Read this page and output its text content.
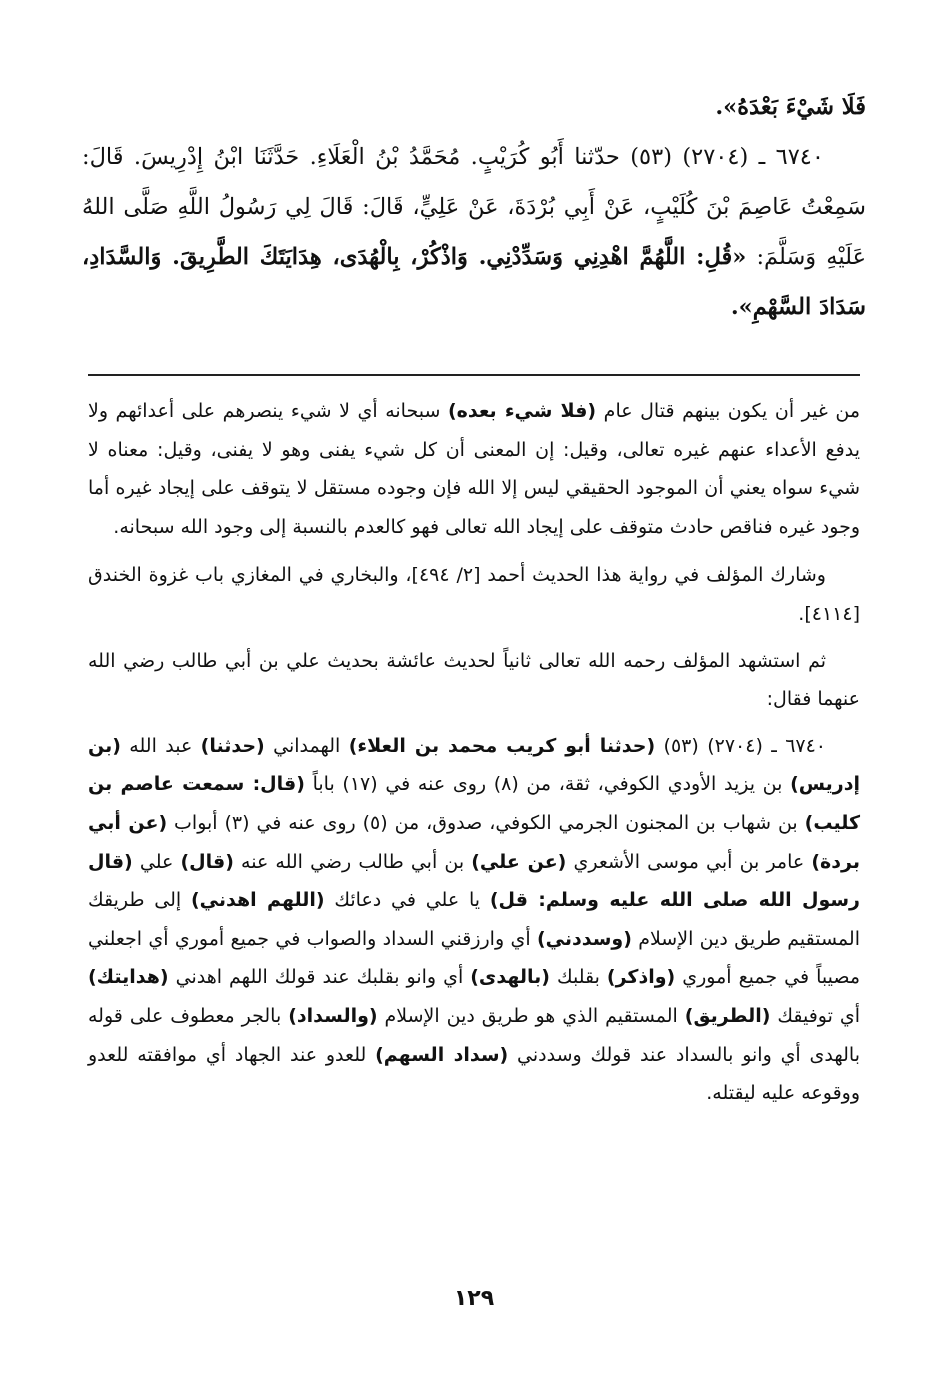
فَلَا شَيْءَ بَعْدَهُ».

٦٧٤٠ ـ (٢٧٠٤) (٥٣) حدّثنا أَبُو كُرَيْبٍ. مُحَمَّدُ بْنُ الْعَلَاءِ. حَدَّثَنَا ابْنُ إِدْرِيسَ. قَالَ: سَمِعْتُ عَاصِمَ بْنَ كُلَيْبٍ، عَنْ أَبِي بُرْدَةَ، عَنْ عَلِيٍّ، قَالَ: قَالَ لِي رَسُولُ اللَّهِ صَلَّى اللهُ عَلَيْهِ وَسَلَّمَ: «قُلِ: اللَّهُمَّ اهْدِنِي وَسَدِّدْنِي. وَاذْكُرْ، بِالْهُدَى، هِدَايَتَكَ الطَّرِيقَ. وَالسَّدَادِ، سَدَادَ السَّهْمِ».

من غير أن يكون بينهم قتال عام (فلا شيء بعده) سبحانه أي لا شيء ينصرهم على أعدائهم ولا يدفع الأعداء عنهم غيره تعالى، وقيل: إن المعنى أن كل شيء يفنى وهو لا يفنى، وقيل: معناه لا شيء سواه يعني أن الموجود الحقيقي ليس إلا الله فإن وجوده مستقل لا يتوقف على إيجاد غيره أما وجود غيره فناقص حادث متوقف على إيجاد الله تعالى فهو كالعدم بالنسبة إلى وجود الله سبحانه.

وشارك المؤلف في رواية هذا الحديث أحمد [٢/ ٤٩٤]، والبخاري في المغازي باب غزوة الخندق [٤١١٤].

ثم استشهد المؤلف رحمه الله تعالى ثانياً لحديث عائشة بحديث علي بن أبي طالب رضي الله عنهما فقال:

٦٧٤٠ ـ (٢٧٠٤) (٥٣) (حدثنا أبو كريب محمد بن العلاء) الهمداني (حدثنا) عبد الله (بن إدريس) بن يزيد الأودي الكوفي، ثقة، من (٨) روى عنه في (١٧) باباً (قال: سمعت عاصم بن كليب) بن شهاب بن المجنون الجرمي الكوفي، صدوق، من (٥) روى عنه في (٣) أبواب (عن أبي بردة) عامر بن أبي موسى الأشعري (عن علي) بن أبي طالب رضي الله عنه (قال) علي (قال رسول الله صلى الله عليه وسلم: قل) يا علي في دعائك (اللهم اهدني) إلى طريقك المستقيم طريق دين الإسلام (وسددني) أي وارزقني السداد والصواب في جميع أموري أي اجعلني مصيباً في جميع أموري (واذكر) بقلبك (بالهدى) أي وانو بقلبك عند قولك اللهم اهدني (هدايتك) أي توفيقك (الطريق) المستقيم الذي هو طريق دين الإسلام (والسداد) بالجر معطوف على قوله بالهدى أي وانو بالسداد عند قولك وسددني (سداد السهم) للعدو عند الجهاد أي موافقته للعدو ووقوعه عليه ليقتله.

١٢٩
